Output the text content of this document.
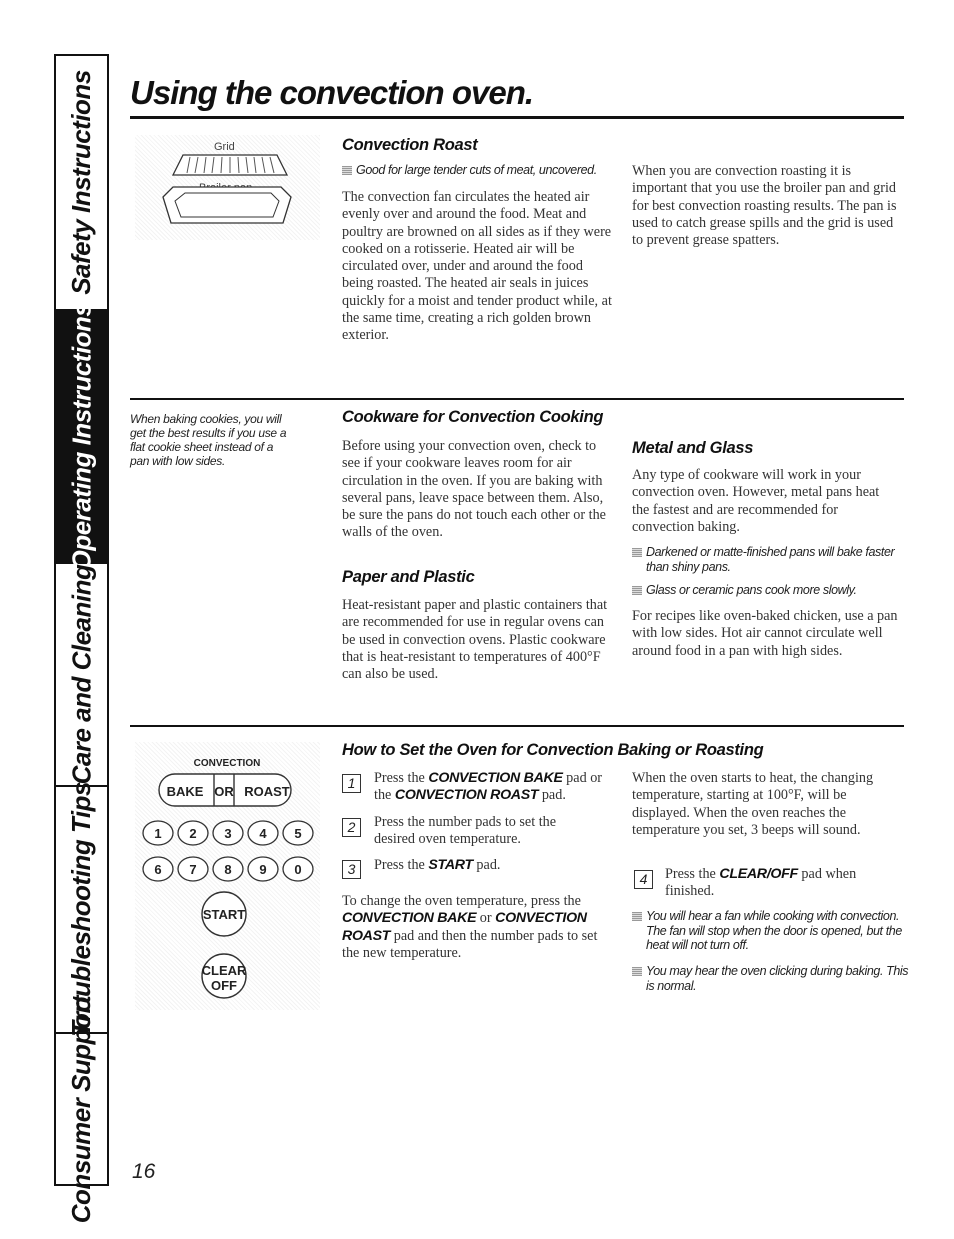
Safety Instructions
Operating Instructions
Care and Cleaning
Troubleshooting Tips
Consumer Support
Using the convection oven.
Grid	Convection Roast

Good for large tender cuts of meat, uncovered.

The convection fan circulates the heated air evenly over and around the food. Meat and poultry are browned on all sides as if they were cooked on a rotisserie. Heated air will be circulated over, under and around the food being roasted. The heated air seals in juices quickly for a moist and tender product while, at the same time, creating a rich golden brown exterior.

When you are convection roasting it is important that you use the broiler pan and grid for best convection roasting results. The pan is used to catch grease spills and the grid is used to prevent grease spatters.

When baking cookies, you will get the best results if you use a flat cookie sheet instead of a pan with low sides.

Cookware for Convection Cooking

Before using your convection oven, check to see if your cookware leaves room for air circulation in the oven. If you are baking with several pans, leave space between them. Also, be sure the pans do not touch each other or the walls of the oven.

Paper and Plastic

Heat-resistant paper and plastic containers that are recommended for use in regular ovens can be used in convection ovens. Plastic cookware that is heat-resistant to temperatures of 400°F can also be used.

Metal and Glass

Any type of cookware will work in your convection oven. However, metal pans heat the fastest and are recommended for convection baking.

Darkened or matte-finished pans will bake faster than shiny pans.

Glass or ceramic pans cook more slowly.

For recipes like oven-baked chicken, use a pan with low sides. Hot air cannot circulate well around food in a pan with high sides.

CONVECTION
BAKE OR ROAST
1 2 3 4 5
6 7 8 9 0
START
CLEAR
OFF
How to Set the Oven for Convection Baking or Roasting
1	Press the CONVECTION BAKE pad or the CONVECTION ROAST pad.

2	Press the number pads to set the desired oven temperature.

3	Press the START pad.

To change the oven temperature, press the CONVECTION BAKE or CONVECTION ROAST pad and then the number pads to set the new temperature.

When the oven starts to heat, the changing temperature, starting at 100°F, will be displayed. When the oven reaches the temperature you set, 3 beeps will sound.

4	Press the CLEAR/OFF pad when finished.

You will hear a fan while cooking with convection. The fan will stop when the door is opened, but the heat will not turn off.

You may hear the oven clicking during baking. This is normal.

16
